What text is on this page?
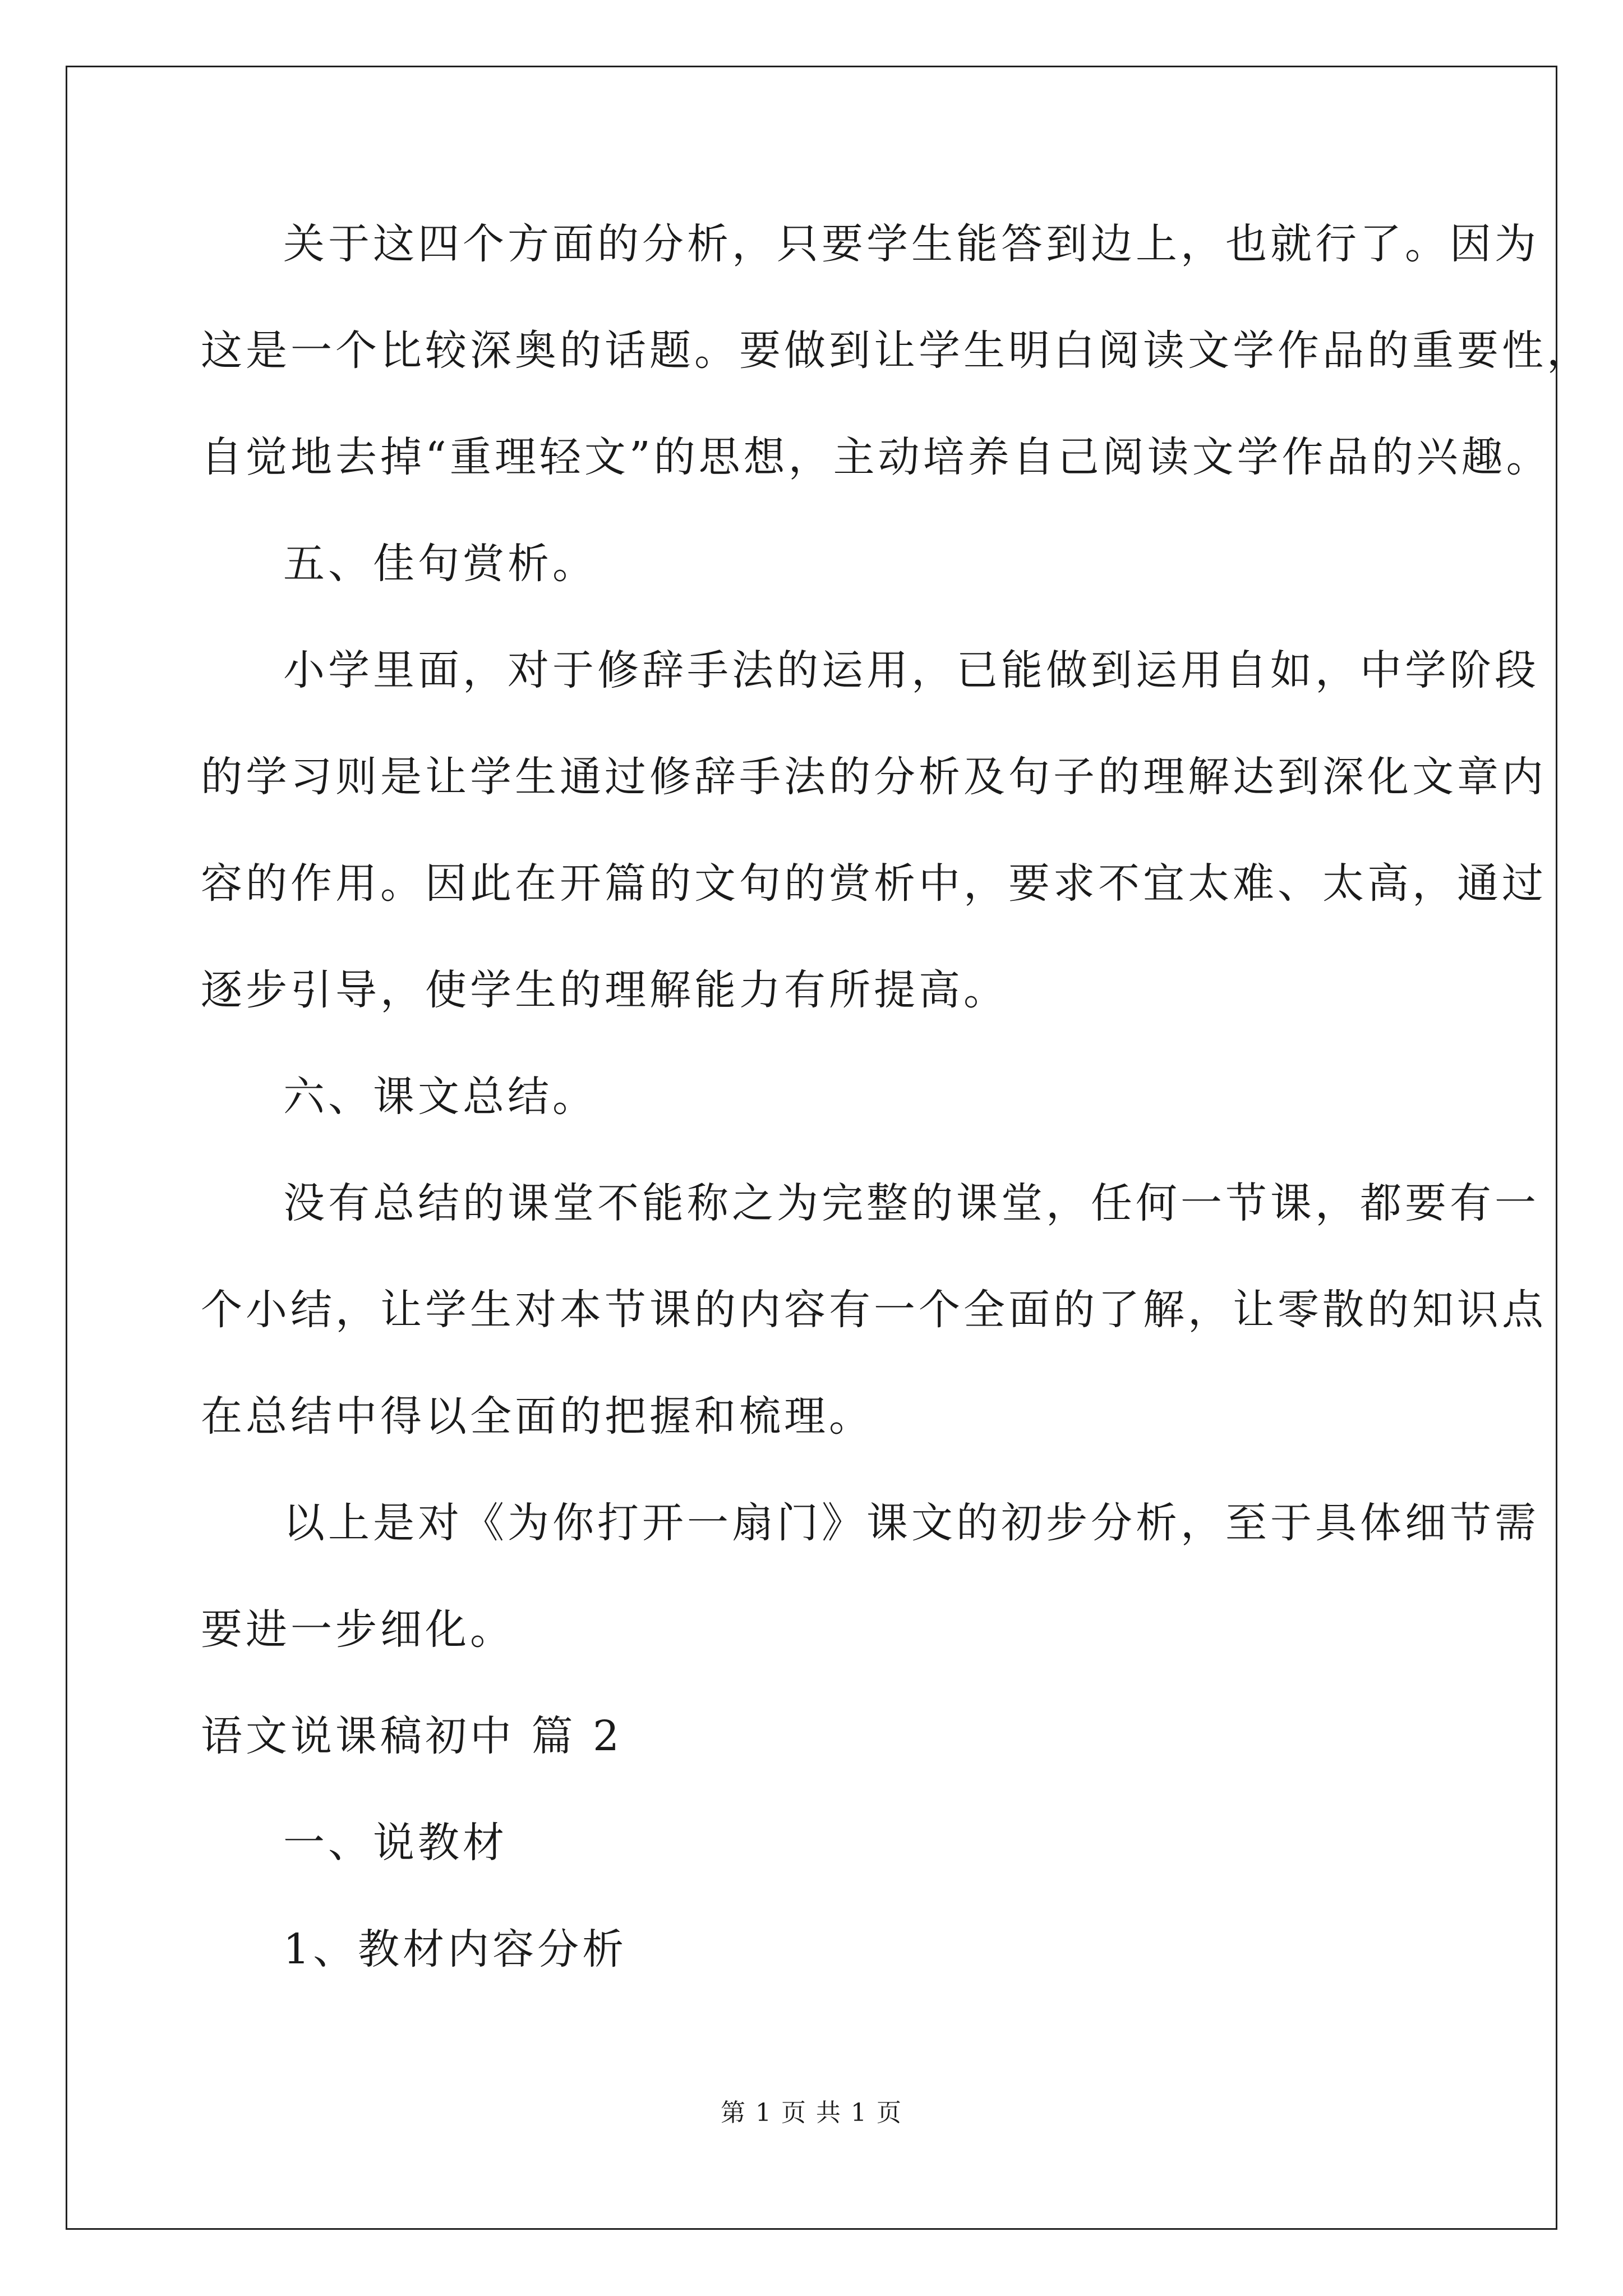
关于这四个方面的分析，只要学生能答到边上，也就行了。因为
这是一个比较深奥的话题。要做到让学生明白阅读文学作品的重要性，
自觉地去掉“重理轻文”的思想，主动培养自己阅读文学作品的兴趣。
五、佳句赏析。
小学里面，对于修辞手法的运用，已能做到运用自如，中学阶段
的学习则是让学生通过修辞手法的分析及句子的理解达到深化文章内
容的作用。因此在开篇的文句的赏析中，要求不宜太难、太高，通过
逐步引导，使学生的理解能力有所提高。
六、课文总结。
没有总结的课堂不能称之为完整的课堂，任何一节课，都要有一
个小结，让学生对本节课的内容有一个全面的了解，让零散的知识点
在总结中得以全面的把握和梳理。
以上是对《为你打开一扇门》课文的初步分析，至于具体细节需
要进一步细化。
语文说课稿初中 篇 2
一、说教材
1、教材内容分析
第 1 页 共 1 页
